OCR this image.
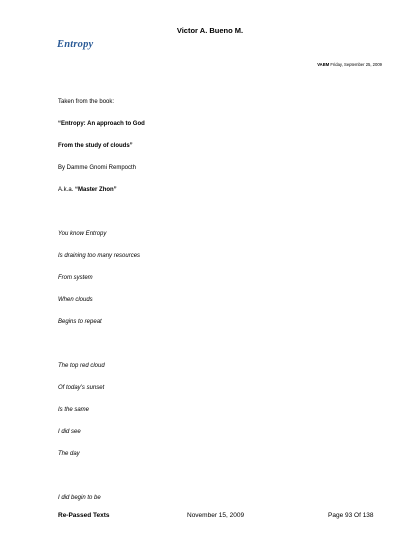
Victor A. Bueno M.
Entropy
VABM Friday, September 25, 2009
Taken from the book:
“Entropy: An approach to God
From the study of clouds”
By Damme Gnomi Rempocth
A.k.a. “Master Zhon”
You know Entropy
Is draining too many resources
From system
When clouds
Begins to repeat
The top red cloud
Of today’s sunset
Is the same
I did see
The day
I did begin to be
Re-Passed Texts	November 15, 2009	Page 93 Of 138
